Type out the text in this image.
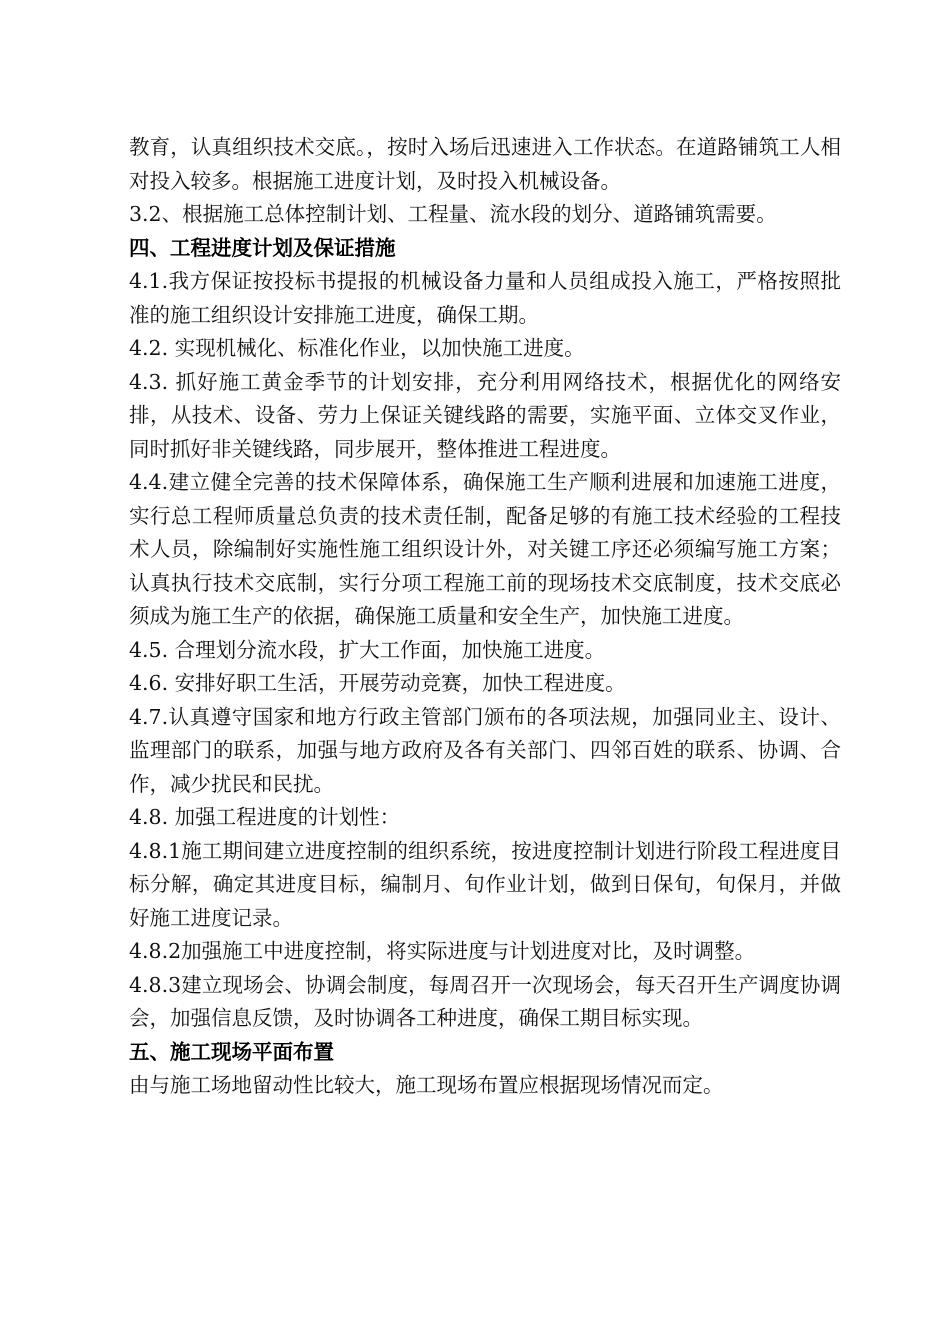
教育，认真组织技术交底。，按时入场后迅速进入工作状态。在道路铺筑工人相对投入较多。根据施工进度计划，及时投入机械设备。

3.2、根据施工总体控制计划、工程量、流水段的划分、道路铺筑需要。

四、工程进度计划及保证措施

4.1.我方保证按投标书提报的机械设备力量和人员组成投入施工，严格按照批准的施工组织设计安排施工进度，确保工期。

4.2. 实现机械化、标准化作业，以加快施工进度。

4.3. 抓好施工黄金季节的计划安排，充分利用网络技术，根据优化的网络安排，从技术、设备、劳力上保证关键线路的需要，实施平面、立体交叉作业，同时抓好非关键线路，同步展开，整体推进工程进度。

4.4.建立健全完善的技术保障体系，确保施工生产顺利进展和加速施工进度，实行总工程师质量总负责的技术责任制，配备足够的有施工技术经验的工程技术人员，除编制好实施性施工组织设计外，对关键工序还必须编写施工方案；认真执行技术交底制，实行分项工程施工前的现场技术交底制度，技术交底必须成为施工生产的依据，确保施工质量和安全生产，加快施工进度。

4.5. 合理划分流水段，扩大工作面，加快施工进度。

4.6. 安排好职工生活，开展劳动竞赛，加快工程进度。

4.7.认真遵守国家和地方行政主管部门颁布的各项法规，加强同业主、设计、监理部门的联系，加强与地方政府及各有关部门、四邻百姓的联系、协调、合作，减少扰民和民扰。

4.8. 加强工程进度的计划性：

4.8.1施工期间建立进度控制的组织系统，按进度控制计划进行阶段工程进度目标分解，确定其进度目标，编制月、旬作业计划，做到日保旬，旬保月，并做好施工进度记录。

4.8.2加强施工中进度控制，将实际进度与计划进度对比，及时调整。

4.8.3建立现场会、协调会制度，每周召开一次现场会，每天召开生产调度协调会，加强信息反馈，及时协调各工种进度，确保工期目标实现。

五、施工现场平面布置

由与施工场地留动性比较大，施工现场布置应根据现场情况而定。
